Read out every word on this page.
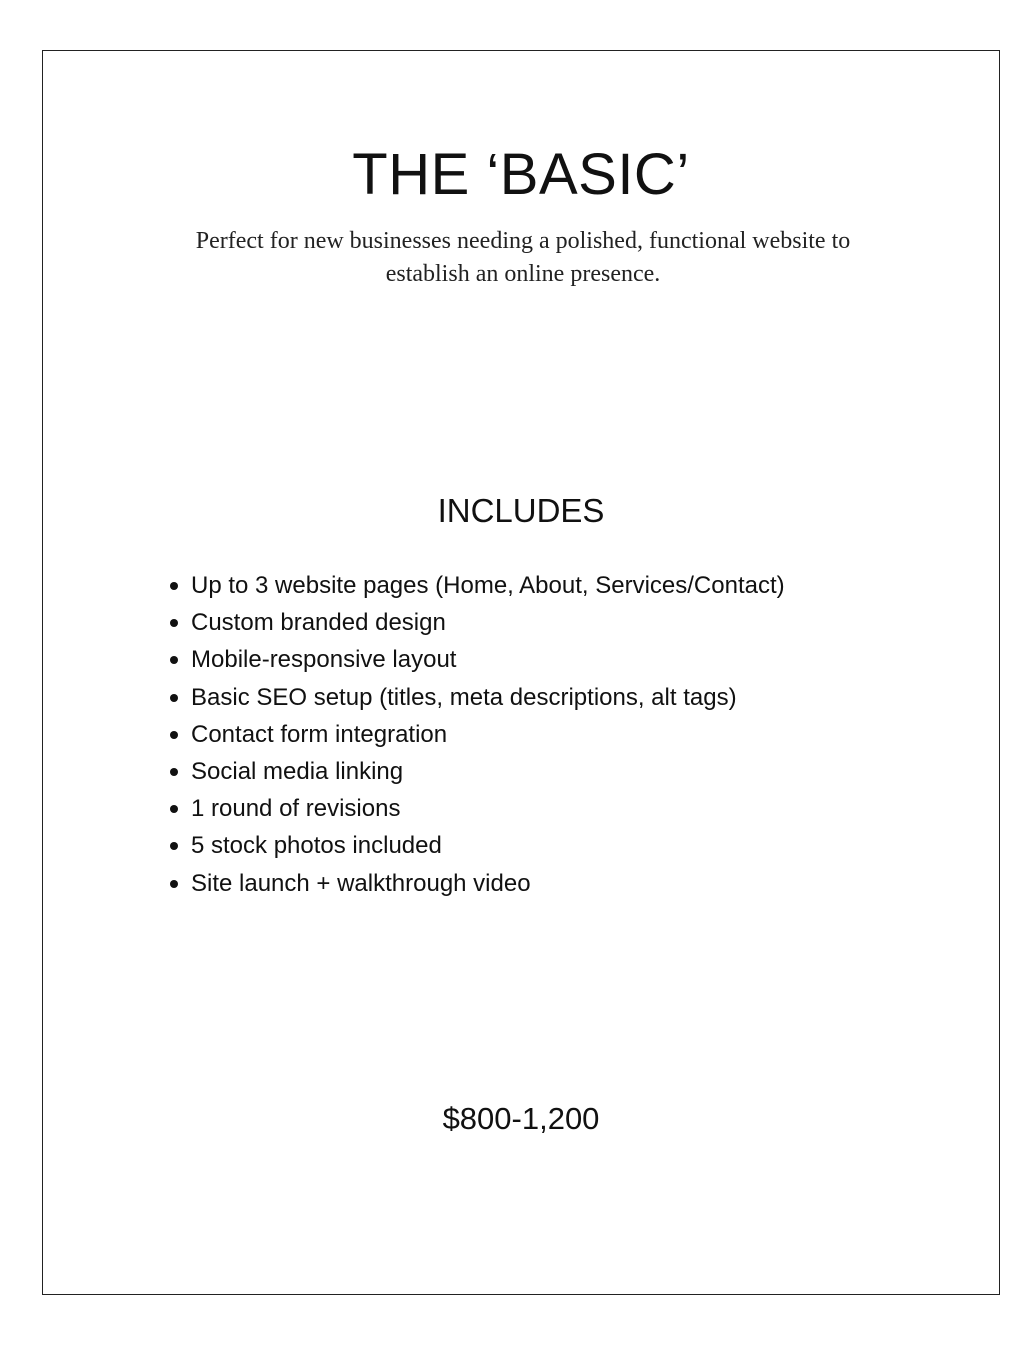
THE ‘BASIC’

Perfect for new businesses needing a polished, functional website to establish an online presence.

INCLUDES
Up to 3 website pages (Home, About, Services/Contact)
Custom branded design
Mobile-responsive layout
Basic SEO setup (titles, meta descriptions, alt tags)
Contact form integration
Social media linking
1 round of revisions
5 stock photos included
Site launch + walkthrough video

$800-1,200
